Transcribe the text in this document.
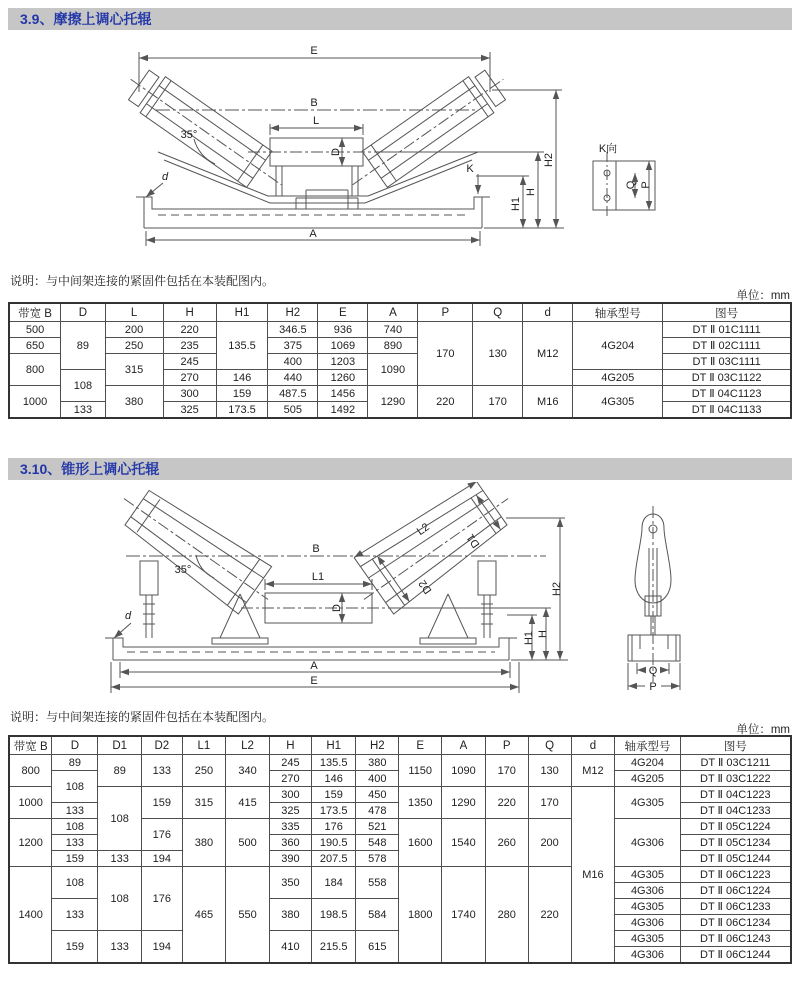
3.9、摩擦上调心托辊
E
B
L
D
35°
d
K
A
H1
H
H2
K向
Q P
说明：与中间架连接的紧固件包括在本装配图内。
单位：mm
带宽 B	D	L	H	H1	H2	E	A	P	Q	d	轴承型号	图号
500	89	200	220	135.5	346.5	936	740	170	130	M12	4G204	DT Ⅱ 01C1111
650		250	235		375	1069	890					DT Ⅱ 02C1111
800		315	245		400	1203	1090					DT Ⅱ 03C1111
	108		270	146	440	1260					4G205	DT Ⅱ 03C1122
1000		380	300	159	487.5	1456	1290	220	170	M16	4G305	DT Ⅱ 04C1123
	133		325	173.5	505	1492						DT Ⅱ 04C1133
3.10、锥形上调心托辊
B
L1
L2
D1
D2
D
35°
d
A
E
H1 H
H2
Q
P
说明：与中间架连接的紧固件包括在本装配图内。
单位：mm
带宽 B	D	D1	D2	L1	L2	H	H1	H2	E	A	P	Q	d	轴承型号	图号
800	89	89	133	250	340	245	135.5	380	1150	1090	170	130	M12	4G204	DT Ⅱ 03C1211
	108					270	146	400						4G205	DT Ⅱ 03C1222
1000		108	159	315	415	300	159	450	1350	1290	220	170	M16	4G305	DT Ⅱ 04C1223
	133					325	173.5	478							DT Ⅱ 04C1233
1200	108		176	380	500	335	176	521	1600	1540	260	200		4G306	DT Ⅱ 05C1224
	133					360	190.5	548							DT Ⅱ 05C1234
	159	133	194			390	207.5	578							DT Ⅱ 05C1244
1400	108	108	176	465	550	350	184	558	1800	1740	280	220		4G305	DT Ⅱ 06C1223
														4G306	DT Ⅱ 06C1224
	133					380	198.5	584						4G305	DT Ⅱ 06C1233
														4G306	DT Ⅱ 06C1234
	159	133	194			410	215.5	615						4G305	DT Ⅱ 06C1243
														4G306	DT Ⅱ 06C1244
